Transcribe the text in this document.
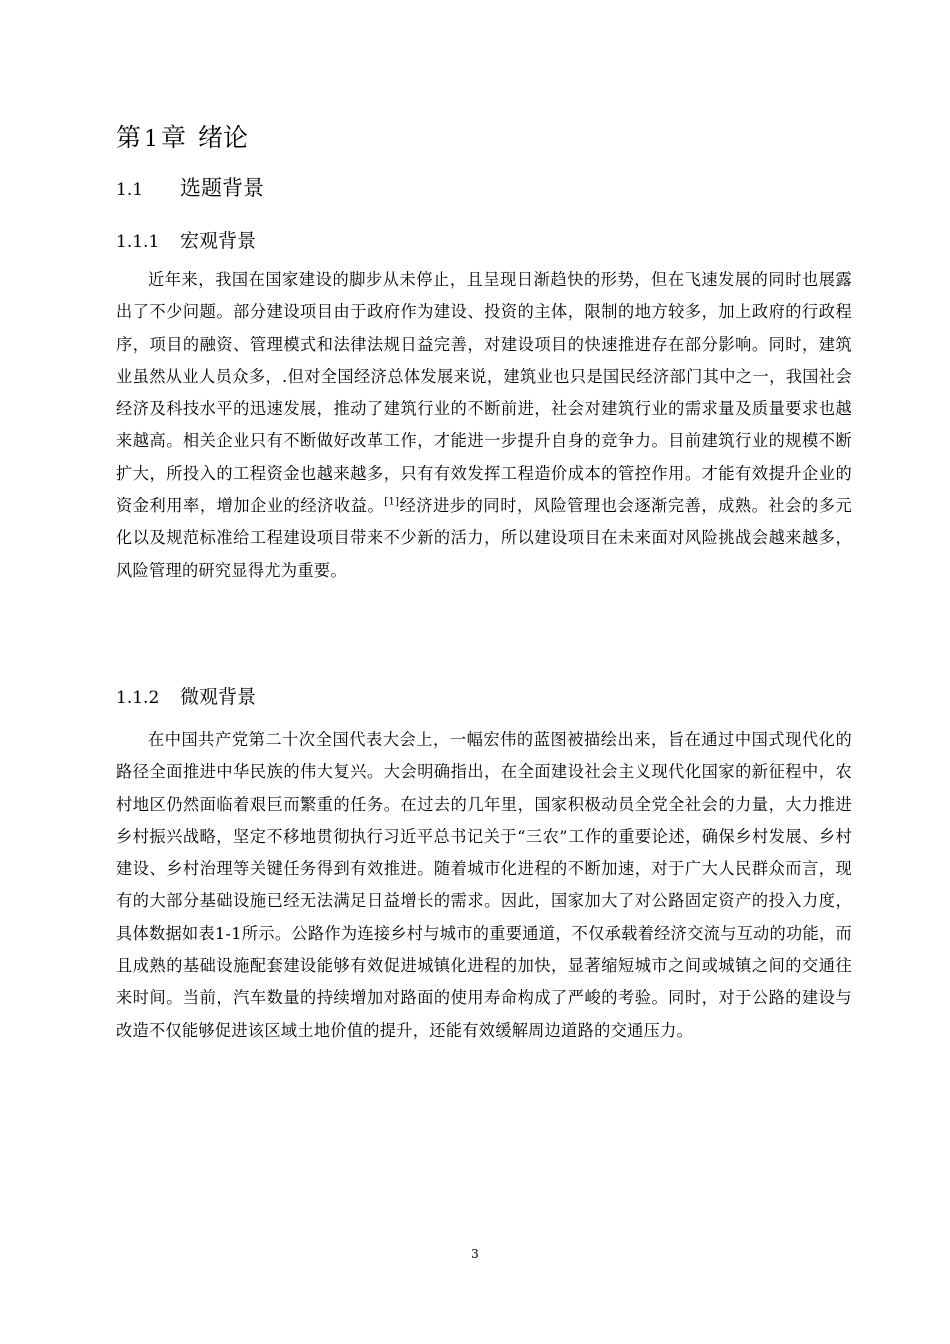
第 1 章 绪论
1.1 选题背景
1.1.1 宏观背景

近年来，我国在国家建设的脚步从未停止，且呈现日渐趋快的形势，但在飞速发展的同时也展露出了不少问题。部分建设项目由于政府作为建设、投资的主体，限制的地方较多，加上政府的行政程序，项目的融资、管理模式和法律法规日益完善，对建设项目的快速推进存在部分影响。同时，建筑业虽然从业人员众多，.但对全国经济总体发展来说，建筑业也只是国民经济部门其中之一，我国社会经济及科技水平的迅速发展，推动了建筑行业的不断前进，社会对建筑行业的需求量及质量要求也越来越高。相关企业只有不断做好改革工作，才能进一步提升自身的竞争力。目前建筑行业的规模不断扩大，所投入的工程资金也越来越多，只有有效发挥工程造价成本的管控作用。才能有效提升企业的资金利用率，增加企业的经济收益。[1]经济进步的同时，风险管理也会逐渐完善，成熟。社会的多元化以及规范标准给工程建设项目带来不少新的活力，所以建设项目在未来面对风险挑战会越来越多，风险管理的研究显得尤为重要。

1.1.2 微观背景

在中国共产党第二十次全国代表大会上，一幅宏伟的蓝图被描绘出来，旨在通过中国式现代化的路径全面推进中华民族的伟大复兴。大会明确指出，在全面建设社会主义现代化国家的新征程中，农村地区仍然面临着艰巨而繁重的任务。在过去的几年里，国家积极动员全党全社会的力量，大力推进乡村振兴战略，坚定不移地贯彻执行习近平总书记关于“三农”工作的重要论述，确保乡村发展、乡村建设、乡村治理等关键任务得到有效推进。随着城市化进程的不断加速，对于广大人民群众而言，现有的大部分基础设施已经无法满足日益增长的需求。因此，国家加大了对公路固定资产的投入力度，具体数据如表1-1所示。公路作为连接乡村与城市的重要通道，不仅承载着经济交流与互动的功能，而且成熟的基础设施配套建设能够有效促进城镇化进程的加快，显著缩短城市之间或城镇之间的交通往来时间。当前，汽车数量的持续增加对路面的使用寿命构成了严峻的考验。同时，对于公路的建设与改造不仅能够促进该区域土地价值的提升，还能有效缓解周边道路的交通压力。

3
